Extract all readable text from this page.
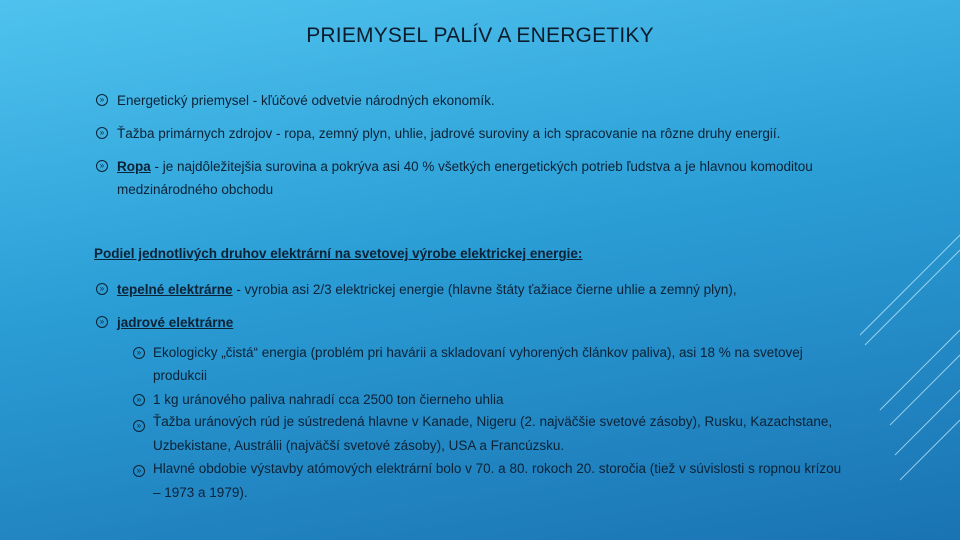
PRIEMYSEL PALÍV A ENERGETIKY
» Energetický priemysel - kľúčové odvetvie národných ekonomík.
» Ťažba primárnych zdrojov - ropa, zemný plyn, uhlie, jadrové suroviny a ich spracovanie na rôzne druhy energií.
» Ropa - je najdôležitejšia surovina a pokrýva asi 40 % všetkých energetických potrieb ľudstva a je hlavnou komoditou
medzinárodného obchodu
Podiel jednotlivých druhov elektrární na svetovej výrobe elektrickej energie:
» tepelné elektrárne - vyrobia asi 2/3 elektrickej energie (hlavne štáty ťažiace čierne uhlie a zemný plyn),
» jadrové elektrárne
» Ekologicky „čistá“ energia (problém pri havárii a skladovaní vyhorených článkov paliva), asi 18 % na svetovej
produkcii
» 1 kg uránového paliva nahradí cca 2500 ton čierneho uhlia
» Ťažba uránových rúd je sústredená hlavne v Kanade, Nigeru (2. najväčšie svetové zásoby), Rusku, Kazachstane,
Uzbekistane, Austrálii (najväčší svetové zásoby), USA a Francúzsku.
» Hlavné obdobie výstavby atómových elektrární bolo v 70. a 80. rokoch 20. storočia (tiež v súvislosti s ropnou krízou
– 1973 a 1979).
